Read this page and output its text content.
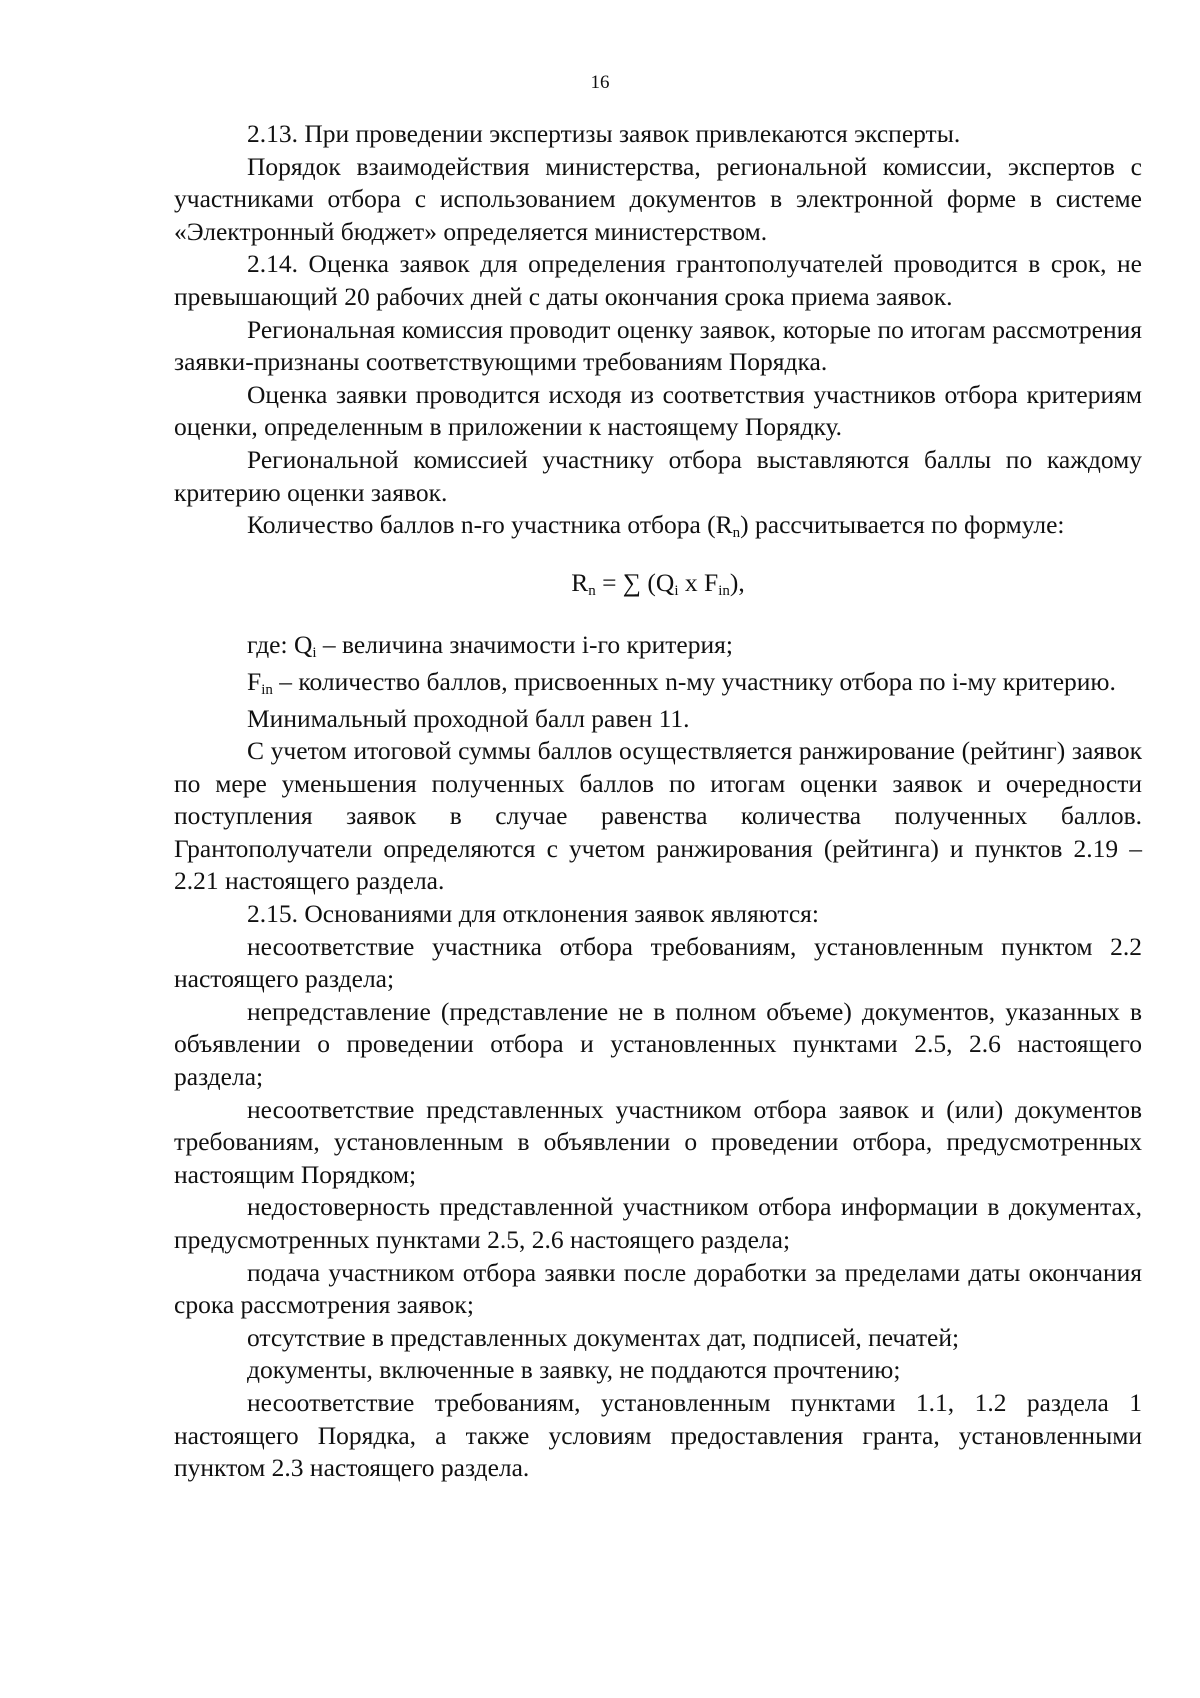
16

2.13. При проведении экспертизы заявок привлекаются эксперты.

Порядок взаимодействия министерства, региональной комиссии, экспертов с участниками отбора с использованием документов в электронной форме в системе «Электронный бюджет» определяется министерством.

2.14. Оценка заявок для определения грантополучателей проводится в срок, не превышающий 20 рабочих дней с даты окончания срока приема заявок.

Региональная комиссия проводит оценку заявок, которые по итогам рассмотрения заявки-признаны соответствующими требованиям Порядка.

Оценка заявки проводится исходя из соответствия участников отбора критериям оценки, определенным в приложении к настоящему Порядку.

Региональной комиссией участнику отбора выставляются баллы по каждому критерию оценки заявок.

Количество баллов n-го участника отбора $(R_n)$ рассчитывается по формуле:

$R_n$ = ∑ ($Q_i$ x $F_{in}$),

где: $Q_i$ – величина значимости i-го критерия;

$F_{in}$ – количество баллов, присвоенных n-му участнику отбора по i-му критерию.

Минимальный проходной балл равен 11.

С учетом итоговой суммы баллов осуществляется ранжирование (рейтинг) заявок по мере уменьшения полученных баллов по итогам оценки заявок и очередности поступления заявок в случае равенства количества полученных баллов. Грантополучатели определяются с учетом ранжирования (рейтинга) и пунктов 2.19 – 2.21 настоящего раздела.

2.15. Основаниями для отклонения заявок являются:

несоответствие участника отбора требованиям, установленным пунктом 2.2 настоящего раздела;

непредставление (представление не в полном объеме) документов, указанных в объявлении о проведении отбора и установленных пунктами 2.5, 2.6 настоящего раздела;

несоответствие представленных участником отбора заявок и (или) документов требованиям, установленным в объявлении о проведении отбора, предусмотренных настоящим Порядком;

недостоверность представленной участником отбора информации в документах, предусмотренных пунктами 2.5, 2.6 настоящего раздела;

подача участником отбора заявки после доработки за пределами даты окончания срока рассмотрения заявок;

отсутствие в представленных документах дат, подписей, печатей;

документы, включенные в заявку, не поддаются прочтению;

несоответствие требованиям, установленным пунктами 1.1, 1.2 раздела 1 настоящего Порядка, а также условиям предоставления гранта, установленными пунктом 2.3 настоящего раздела.
